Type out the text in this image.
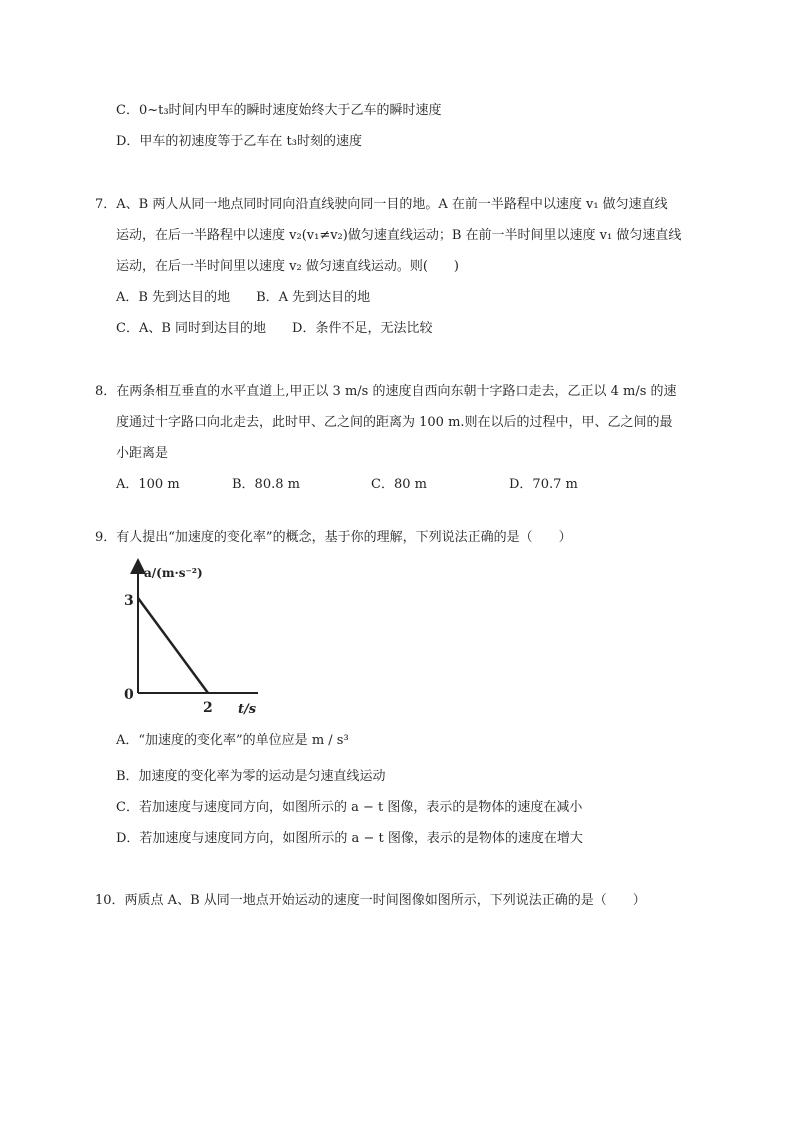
C．0~t₃时间内甲车的瞬时速度始终大于乙车的瞬时速度
D．甲车的初速度等于乙车在 t₃时刻的速度
7．A、B 两人从同一地点同时同向沿直线驶向同一目的地。A 在前一半路程中以速度 v₁ 做匀速直线
运动，在后一半路程中以速度 v₂(v₁≠v₂)做匀速直线运动；B 在前一半时间里以速度 v₁ 做匀速直线
运动，在后一半时间里以速度 v₂ 做匀速直线运动。则(　　)
A．B 先到达目的地　　B．A 先到达目的地
C．A、B 同时到达目的地　　D．条件不足，无法比较
8．在两条相互垂直的水平直道上,甲正以 3 m/s 的速度自西向东朝十字路口走去，乙正以 4 m/s 的速
度通过十字路口向北走去，此时甲、乙之间的距离为 100 m.则在以后的过程中，甲、乙之间的最
小距离是
A．100 m	B．80.8 m	C．80 m	D．70.7 m
9．有人提出“加速度的变化率”的概念，基于你的理解，下列说法正确的是（　　）
a/(m·s⁻²)
3
0
2 t/s
A．“加速度的变化率”的单位应是 m / s³
B．加速度的变化率为零的运动是匀速直线运动
C．若加速度与速度同方向，如图所示的 a − t 图像，表示的是物体的速度在减小
D．若加速度与速度同方向，如图所示的 a − t 图像，表示的是物体的速度在增大
10．两质点 A、B 从同一地点开始运动的速度一时间图像如图所示，下列说法正确的是（　　）
